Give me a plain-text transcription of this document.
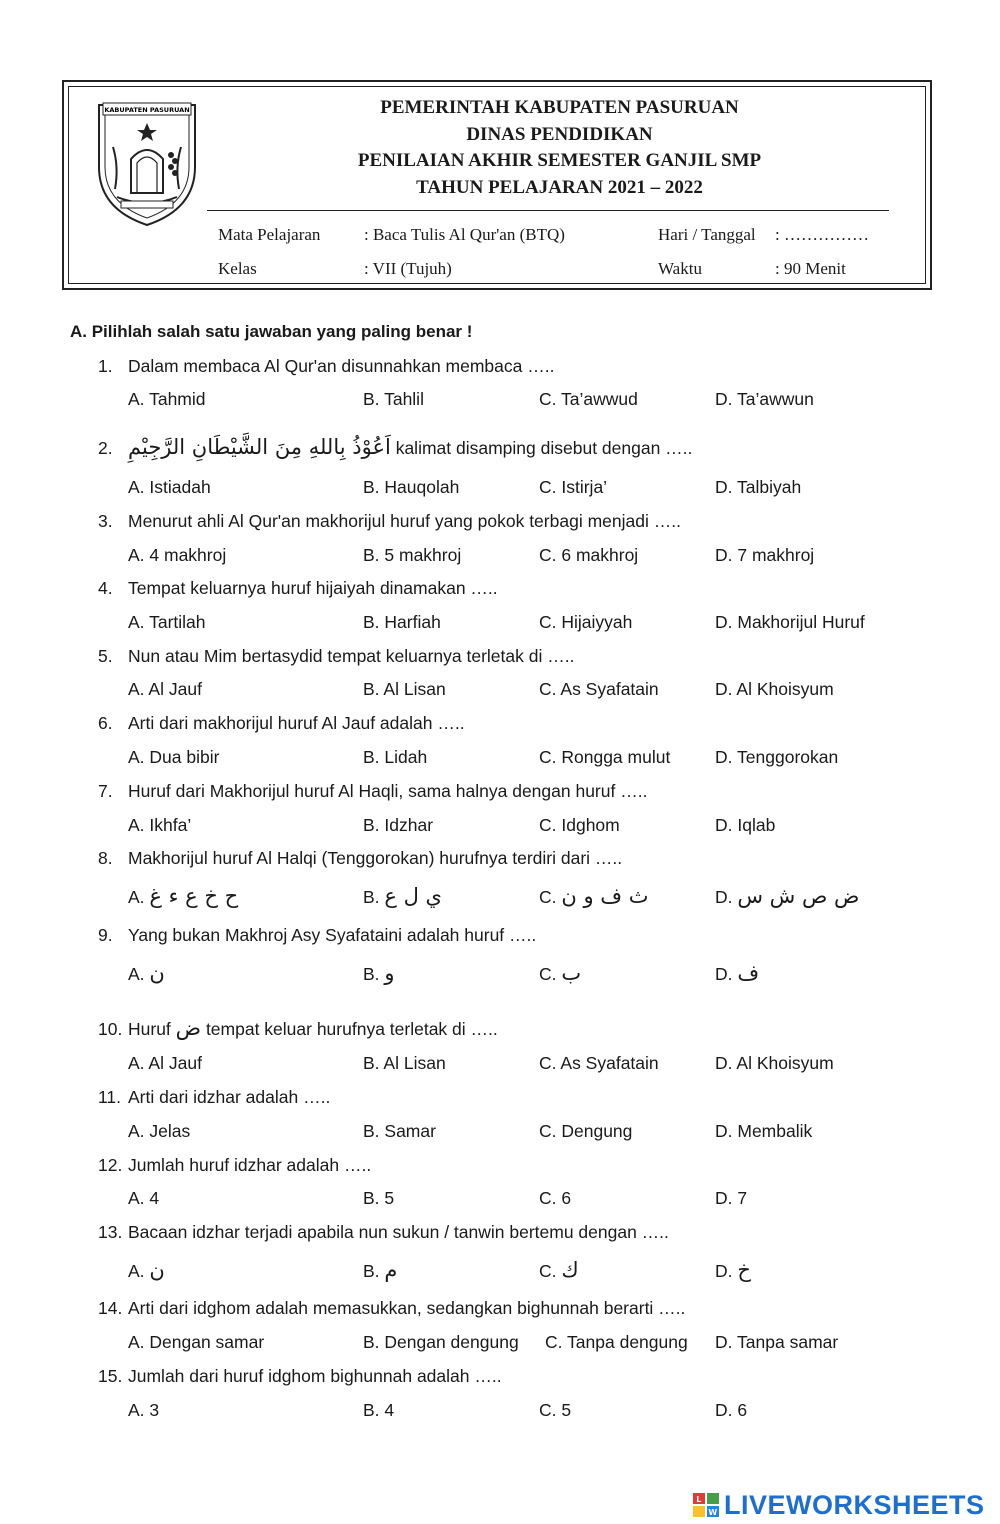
KABUPATEN PASURUAN	PEMERINTAH KABUPATEN PASURUAN
DINAS PENDIDIKAN
PENILAIAN AKHIR SEMESTER GANJIL SMP
TAHUN PELAJARAN 2021 – 2022
Mata Pelajaran	: Baca Tulis Al Qur'an (BTQ)	Hari / Tanggal : ……………
Kelas	: VII (Tujuh)	Waktu	: 90 Menit
A. Pilihlah salah satu jawaban yang paling benar !
1. Dalam membaca Al Qur'an disunnahkan membaca …..
A. Tahmid	B. Tahlil	C. Ta’awwud	D. Ta’awwun
2. اَعُوْذُ بِاللهِ مِنَ الشَّيْطَانِ الرَّجِيْمِ kalimat disamping disebut dengan …..
A. Istiadah	B. Hauqolah	C. Istirja’	D. Talbiyah
3. Menurut ahli Al Qur'an makhorijul huruf yang pokok terbagi menjadi …..
A. 4 makhroj	B. 5 makhroj	C. 6 makhroj	D. 7 makhroj
4. Tempat keluarnya huruf hijaiyah dinamakan …..
A. Tartilah	B. Harfiah	C. Hijaiyyah	D. Makhorijul Huruf
5. Nun atau Mim bertasydid tempat keluarnya terletak di …..
A. Al Jauf	B. Al Lisan	C. As Syafatain	D. Al Khoisyum
6. Arti dari makhorijul huruf Al Jauf adalah …..
A. Dua bibir	B. Lidah	C. Rongga mulut	D. Tenggorokan
7. Huruf dari Makhorijul huruf Al Haqli, sama halnya dengan huruf …..
A. Ikhfa’	B. Idzhar	C. Idghom	D. Iqlab
8. Makhorijul huruf Al Halqi (Tenggorokan) hurufnya terdiri dari …..
A. ح خ ع ء غ	B. ي ل ع	C. ث ف و ن	D. ض ص ش س
9. Yang bukan Makhroj Asy Syafataini adalah huruf …..
A. ن	B. و	C. ب	D. ف
10. Huruf ض tempat keluar hurufnya terletak di …..
A. Al Jauf	B. Al Lisan	C. As Syafatain	D. Al Khoisyum
11. Arti dari idzhar adalah …..
A. Jelas	B. Samar	C. Dengung	D. Membalik
12. Jumlah huruf idzhar adalah …..
A. 4	B. 5	C. 6	D. 7
13. Bacaan idzhar terjadi apabila nun sukun / tanwin bertemu dengan …..
A. ن	B. م	C. ك	D. خ
14. Arti dari idghom adalah memasukkan, sedangkan bighunnah berarti …..
A. Dengan samar	B. Dengan dengung C. Tanpa dengung D. Tanpa samar
15. Jumlah dari huruf idghom bighunnah adalah …..
A. 3	B. 4	C. 5	D. 6
L
W LIVEWORKSHEETS
